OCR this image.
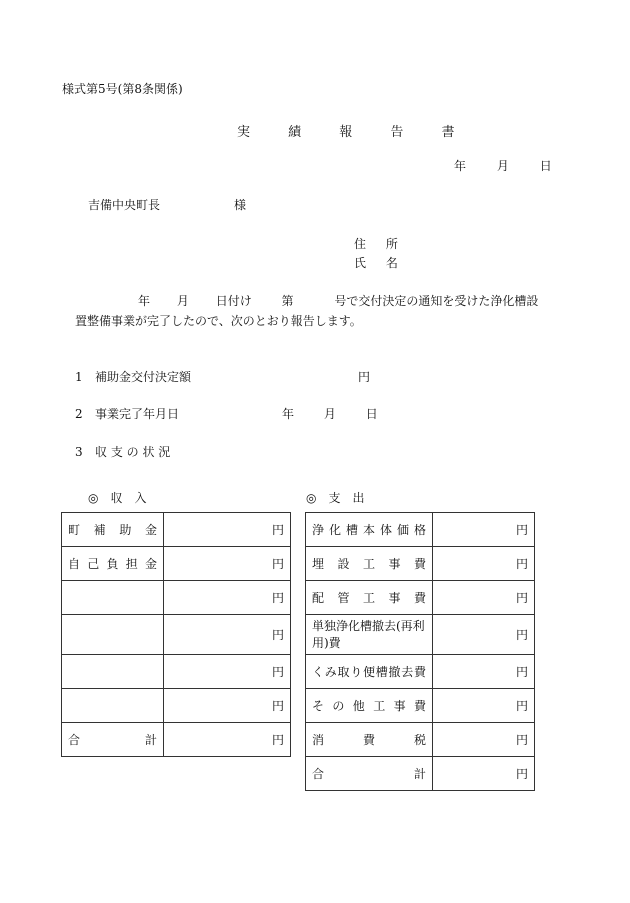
様式第5号(第8条関係)
実 績 報 告 書
年	月	日
吉備中央町長	様
住 所
氏 名
年 月 日付け 第	号で交付決定の通知を受けた浄化槽設
置整備事業が完了したので、次のとおり報告します。
1 補助金交付決定額	円
2 事業完了年月日	年 月 日
3 収 支 の 状 況
◎　収　入	◎　支　出
町補助金	円
自己負担金	円
	円
	円
	円
	円
合計	円
浄化槽本体価格	円
埋設工事費	円
配管工事費	円
単独浄化槽撤去(再利用)費	円
くみ取り便槽撤去費	円
その他工事費	円
消費税	円
合計	円
